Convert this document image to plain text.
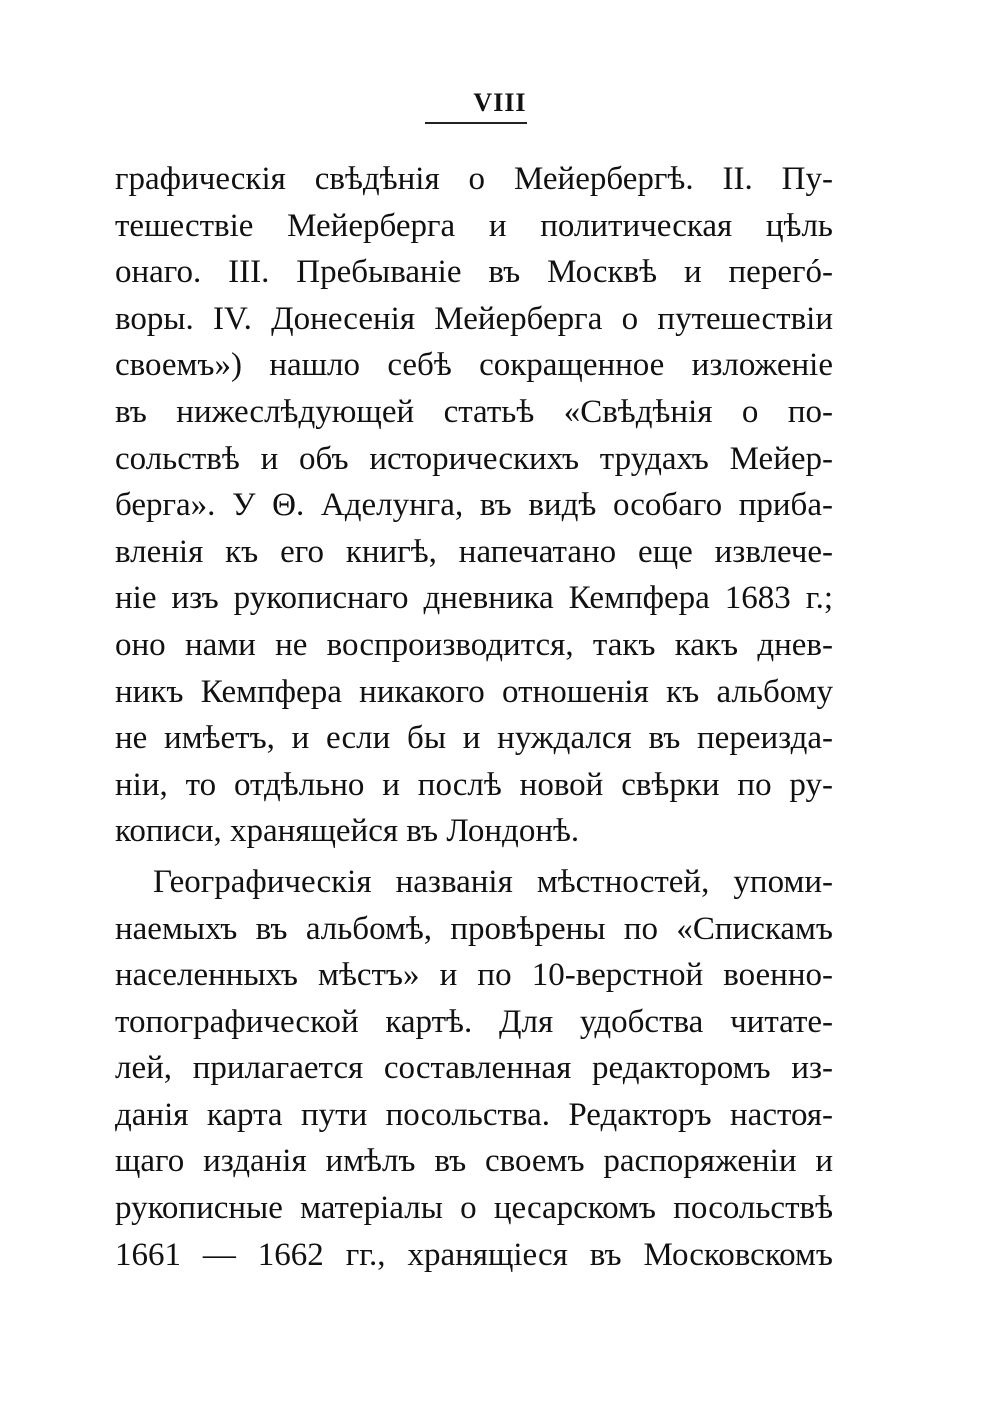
VIII
графическія свѣдѣнія о Мейербергѣ. II. Пу-
тешествіе Мейерберга и политическая цѣль
онаго. III. Пребываніе въ Москвѣ и перегó-
воры. IV. Донесенія Мейерберга о путешествіи
своемъ») нашло себѣ сокращенное изложеніе
въ нижеслѣдующей статьѣ «Свѣдѣнія о по-
сольствѣ и объ историческихъ трудахъ Мейер-
берга». У Θ. Аделунга, въ видѣ особаго прибa-
вленія къ его книгѣ, напечатано еще извлече-
ніе изъ рукописнаго дневника Кемпфера 1683 г.;
оно нами не воспроизводится, такъ какъ днев-
никъ Кемпфера никакого отношенія къ альбому
не имѣетъ, и если бы и нуждался въ переизда-
ніи, то отдѣльно и послѣ новой свѣрки по ру-
кописи, хранящейся въ Лондонѣ.
Географическія названія мѣстностей, упоми-
наемыхъ въ альбомѣ, провѣрены по «Спискамъ
населенныхъ мѣстъ» и по 10-верстной военно-
топографической картѣ. Для удобства читате-
лей, прилагается составленная редакторомъ из-
данія карта пути посольства. Редакторъ настоя-
щаго изданія имѣлъ въ своемъ распоряженіи и
рукописные матеріалы о цесарскомъ посольствѣ
1661 — 1662 гг., хранящіеся въ Московскомъ
